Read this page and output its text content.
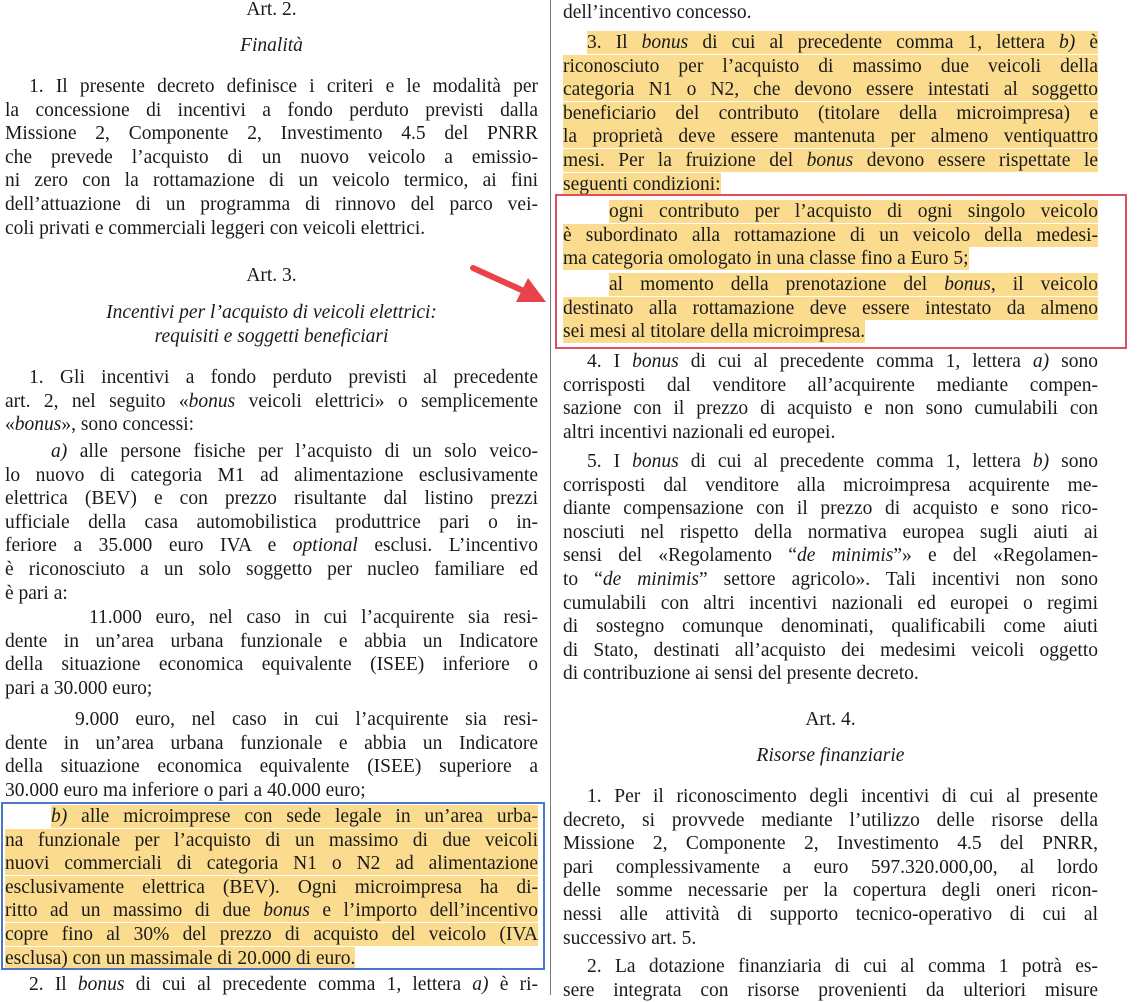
Art. 2.
Finalità

1. Il presente decreto definisce i criteri e le modalità per

la concessione di incentivi a fondo perduto previsti dalla

Missione 2, Componente 2, Investimento 4.5 del PNRR

che prevede l’acquisto di un nuovo veicolo a emissio-

ni zero con la rottamazione di un veicolo termico, ai fini

dell’attuazione di un programma di rinnovo del parco vei-

coli privati e commerciali leggeri con veicoli elettrici.

Art. 3.
Incentivi per l’acquisto di veicoli elettrici:
requisiti e soggetti beneficiari

1. Gli incentivi a fondo perduto previsti al precedente

art. 2, nel seguito «bonus veicoli elettrici» o semplicemente

«bonus», sono concessi:

a) alle persone fisiche per l’acquisto di un solo veico-

lo nuovo di categoria M1 ad alimentazione esclusivamente

elettrica (BEV) e con prezzo risultante dal listino prezzi

ufficiale della casa automobilistica produttrice pari o in-

feriore a 35.000 euro IVA e optional esclusi. L’incentivo

è riconosciuto a un solo soggetto per nucleo familiare ed

è pari a:

11.000 euro, nel caso in cui l’acquirente sia resi-

dente in un’area urbana funzionale e abbia un Indicatore

della situazione economica equivalente (ISEE) inferiore o

pari a 30.000 euro;

9.000 euro, nel caso in cui l’acquirente sia resi-

dente in un’area urbana funzionale e abbia un Indicatore

della situazione economica equivalente (ISEE) superiore a

30.000 euro ma inferiore o pari a 40.000 euro;

b) alle microimprese con sede legale in un’area urba-

na funzionale per l’acquisto di un massimo di due veicoli

nuovi commerciali di categoria N1 o N2 ad alimentazione

esclusivamente elettrica (BEV). Ogni microimpresa ha di-

ritto ad un massimo di due bonus e l’importo dell’incentivo

copre fino al 30% del prezzo di acquisto del veicolo (IVA

esclusa) con un massimale di 20.000 di euro.

2. Il bonus di cui al precedente comma 1, lettera a) è ri-

dell’incentivo concesso.

3. Il bonus di cui al precedente comma 1, lettera b) è

riconosciuto per l’acquisto di massimo due veicoli della

categoria N1 o N2, che devono essere intestati al soggetto

beneficiario del contributo (titolare della microimpresa) e

la proprietà deve essere mantenuta per almeno ventiquattro

mesi. Per la fruizione del bonus devono essere rispettate le

seguenti condizioni:

ogni contributo per l’acquisto di ogni singolo veicolo

è subordinato alla rottamazione di un veicolo della medesi-

ma categoria omologato in una classe fino a Euro 5;

al momento della prenotazione del bonus, il veicolo

destinato alla rottamazione deve essere intestato da almeno

sei mesi al titolare della microimpresa.

4. I bonus di cui al precedente comma 1, lettera a) sono

corrisposti dal venditore all’acquirente mediante compen-

sazione con il prezzo di acquisto e non sono cumulabili con

altri incentivi nazionali ed europei.

5. I bonus di cui al precedente comma 1, lettera b) sono

corrisposti dal venditore alla microimpresa acquirente me-

diante compensazione con il prezzo di acquisto e sono rico-

nosciuti nel rispetto della normativa europea sugli aiuti ai

sensi del «Regolamento “de minimis”» e del «Regolamen-

to “de minimis” settore agricolo». Tali incentivi non sono

cumulabili con altri incentivi nazionali ed europei o regimi

di sostegno comunque denominati, qualificabili come aiuti

di Stato, destinati all’acquisto dei medesimi veicoli oggetto

di contribuzione ai sensi del presente decreto.

Art. 4.
Risorse finanziarie

1. Per il riconoscimento degli incentivi di cui al presente

decreto, si provvede mediante l’utilizzo delle risorse della

Missione 2, Componente 2, Investimento 4.5 del PNRR,

pari complessivamente a euro 597.320.000,00, al lordo

delle somme necessarie per la copertura degli oneri ricon-

nessi alle attività di supporto tecnico-operativo di cui al

successivo art. 5.

2. La dotazione finanziaria di cui al comma 1 potrà es-

sere integrata con risorse provenienti da ulteriori misure
